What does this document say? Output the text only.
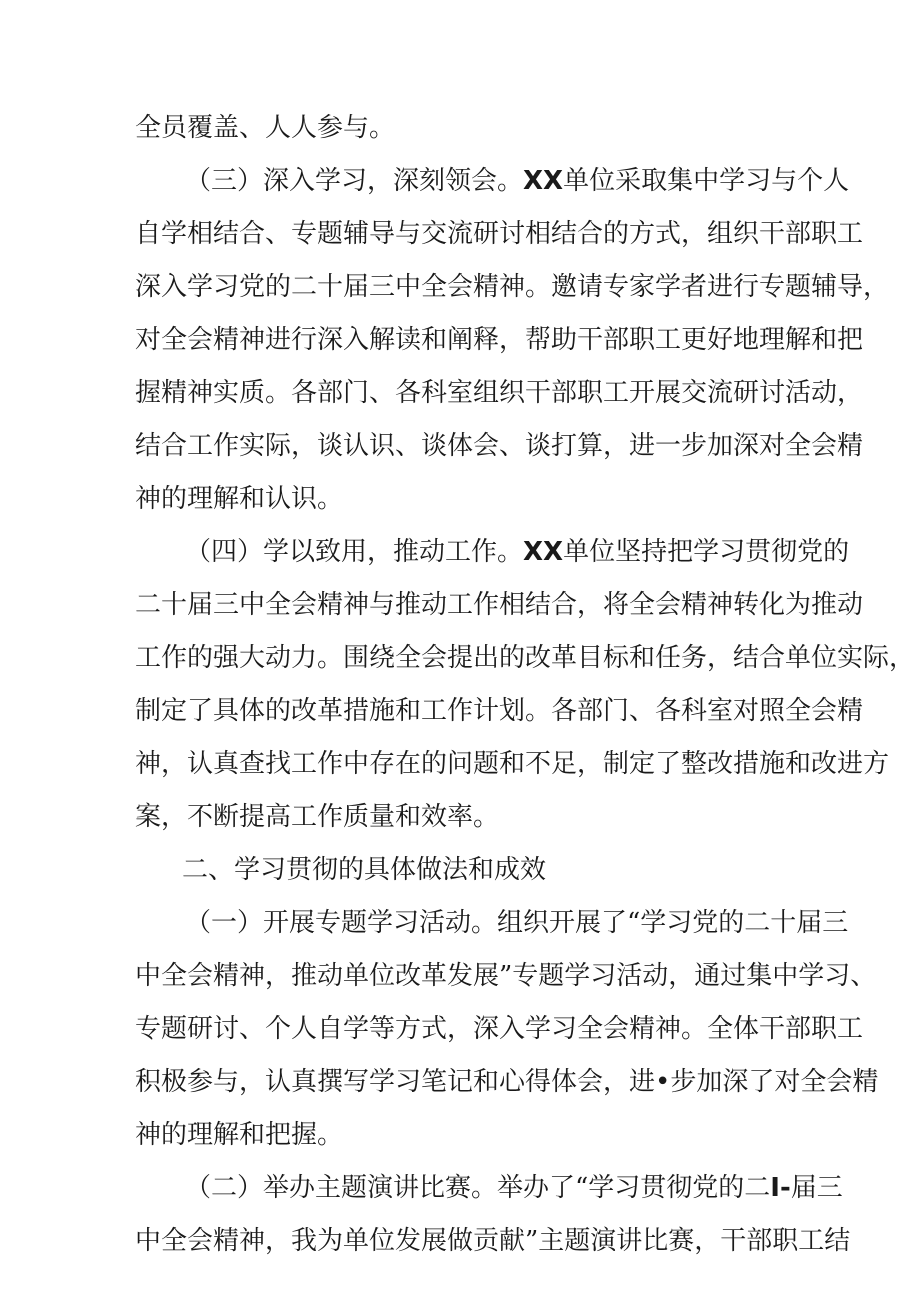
全员覆盖、人人参与。
（三）深入学习，深刻领会。XX单位采取集中学习与个人
自学相结合、专题辅导与交流研讨相结合的方式，组织干部职工
深入学习党的二十届三中全会精神。邀请专家学者进行专题辅导，
对全会精神进行深入解读和阐释，帮助干部职工更好地理解和把
握精神实质。各部门、各科室组织干部职工开展交流研讨活动，
结合工作实际，谈认识、谈体会、谈打算，进一步加深对全会精
神的理解和认识。
（四）学以致用，推动工作。XX单位坚持把学习贯彻党的
二十届三中全会精神与推动工作相结合，将全会精神转化为推动
工作的强大动力。围绕全会提出的改革目标和任务，结合单位实际，
制定了具体的改革措施和工作计划。各部门、各科室对照全会精
神，认真查找工作中存在的问题和不足，制定了整改措施和改进方
案，不断提高工作质量和效率。
二、学习贯彻的具体做法和成效
（一）开展专题学习活动。组织开展了“学习党的二十届三
中全会精神，推动单位改革发展”专题学习活动，通过集中学习、
专题研讨、个人自学等方式，深入学习全会精神。全体干部职工
积极参与，认真撰写学习笔记和心得体会，进•步加深了对全会精
神的理解和把握。
（二）举办主题演讲比赛。举办了“学习贯彻党的二I-届三
中全会精神，我为单位发展做贡献”主题演讲比赛，干部职工结
